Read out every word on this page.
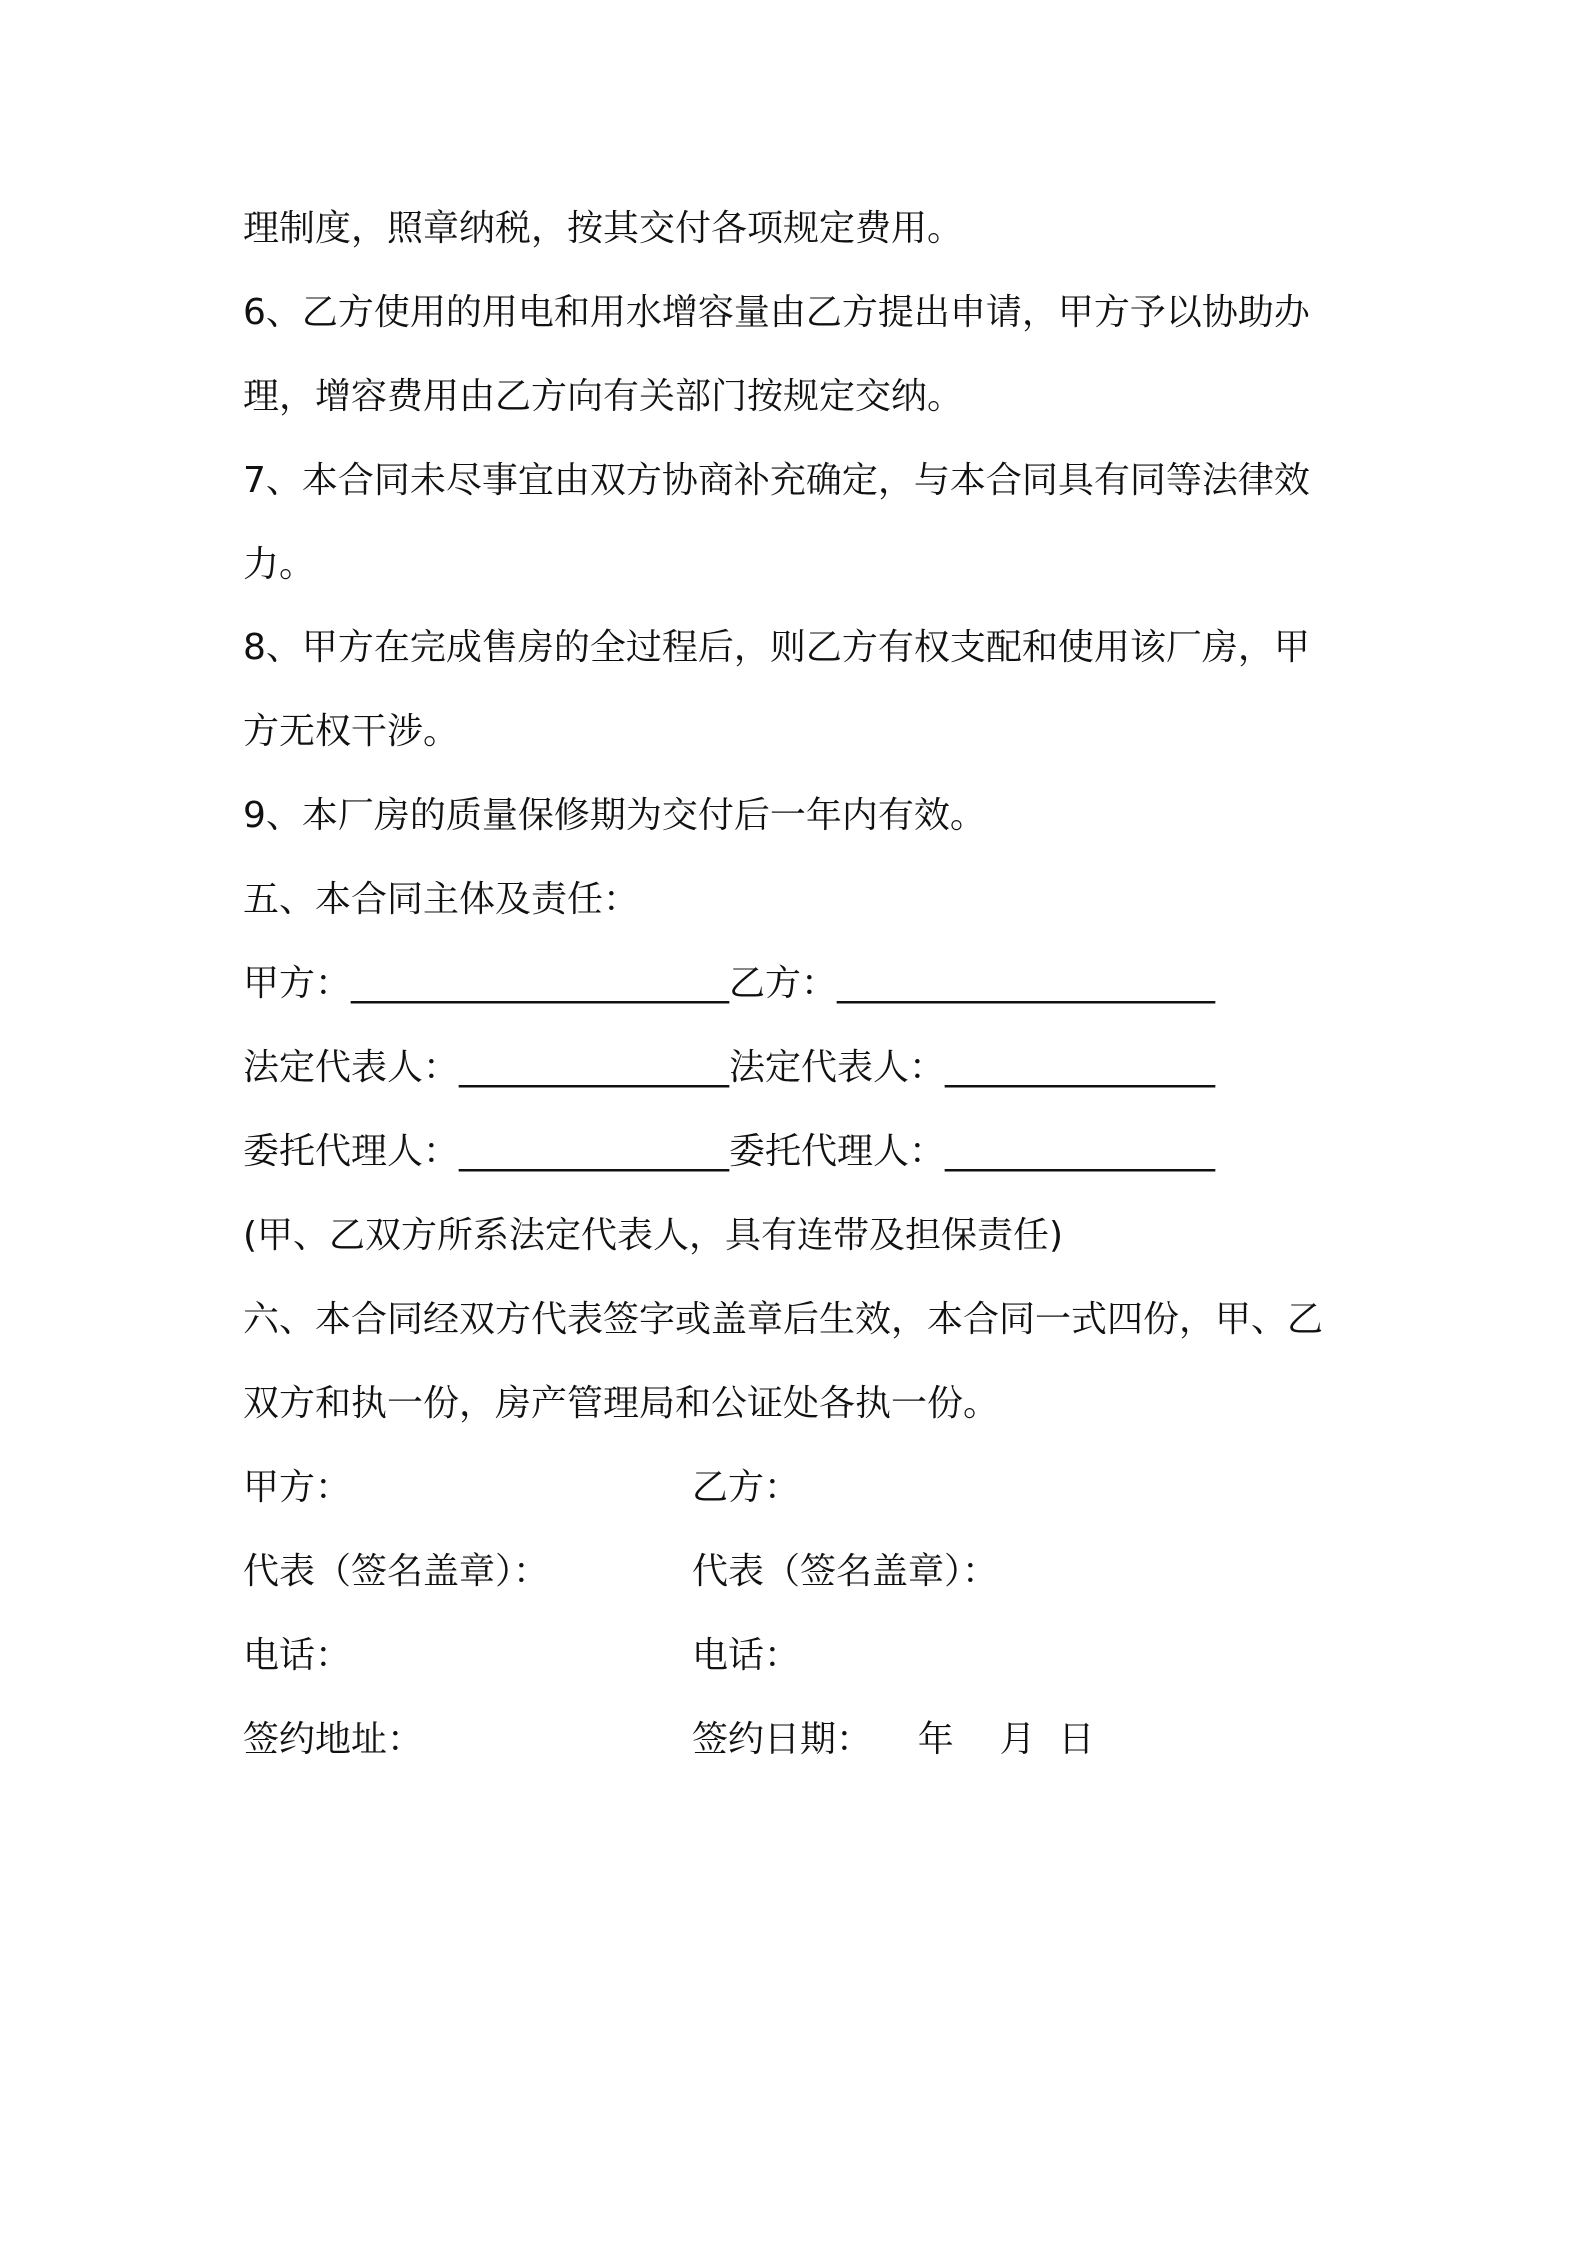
理制度，照章纳税，按其交付各项规定费用。
6、乙方使用的用电和用水增容量由乙方提出申请，甲方予以协助办
理，增容费用由乙方向有关部门按规定交纳。
7、本合同未尽事宜由双方协商补充确定，与本合同具有同等法律效
力。
8、甲方在完成售房的全过程后，则乙方有权支配和使用该厂房，甲
方无权干涉。
9、本厂房的质量保修期为交付后一年内有效。
五、本合同主体及责任：
甲方：_____________________乙方：_____________________
法定代表人：_______________法定代表人：_______________
委托代理人：_______________委托代理人：_______________
(甲、乙双方所系法定代表人，具有连带及担保责任)
六、本合同经双方代表签字或盖章后生效，本合同一式四份，甲、乙
双方和执一份，房产管理局和公证处各执一份。
甲方：	乙方：
代表（签名盖章）：	代表（签名盖章）：
电话：	电话：
签约地址：	签约日期：    年    月  日
